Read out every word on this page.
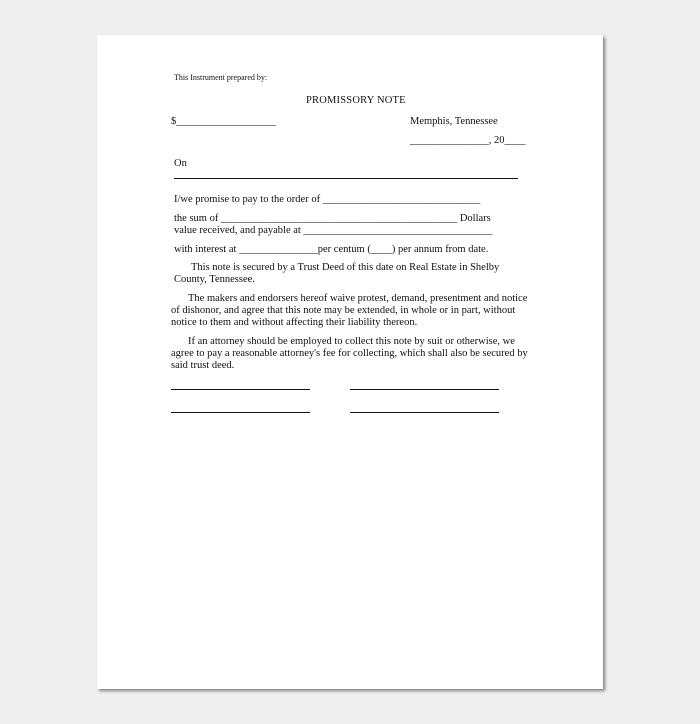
This Instrument prepared by:
PROMISSORY NOTE
$___________________	Memphis, Tennessee
_______________, 20____
On
I/we promise to pay to the order of ______________________________
the sum of _____________________________________________ Dollars
value received, and payable at ____________________________________
with interest at _______________per centum (____) per annum from date.
This note is secured by a Trust Deed of this date on Real Estate in Shelby County, Tennessee.
The makers and endorsers hereof waive protest, demand, presentment and notice of dishonor, and agree that this note may be extended, in whole or in part, without notice to them and without affecting their liability thereon.
If an attorney should be employed to collect this note by suit or otherwise, we agree to pay a reasonable attorney's fee for collecting, which shall also be secured by said trust deed.
